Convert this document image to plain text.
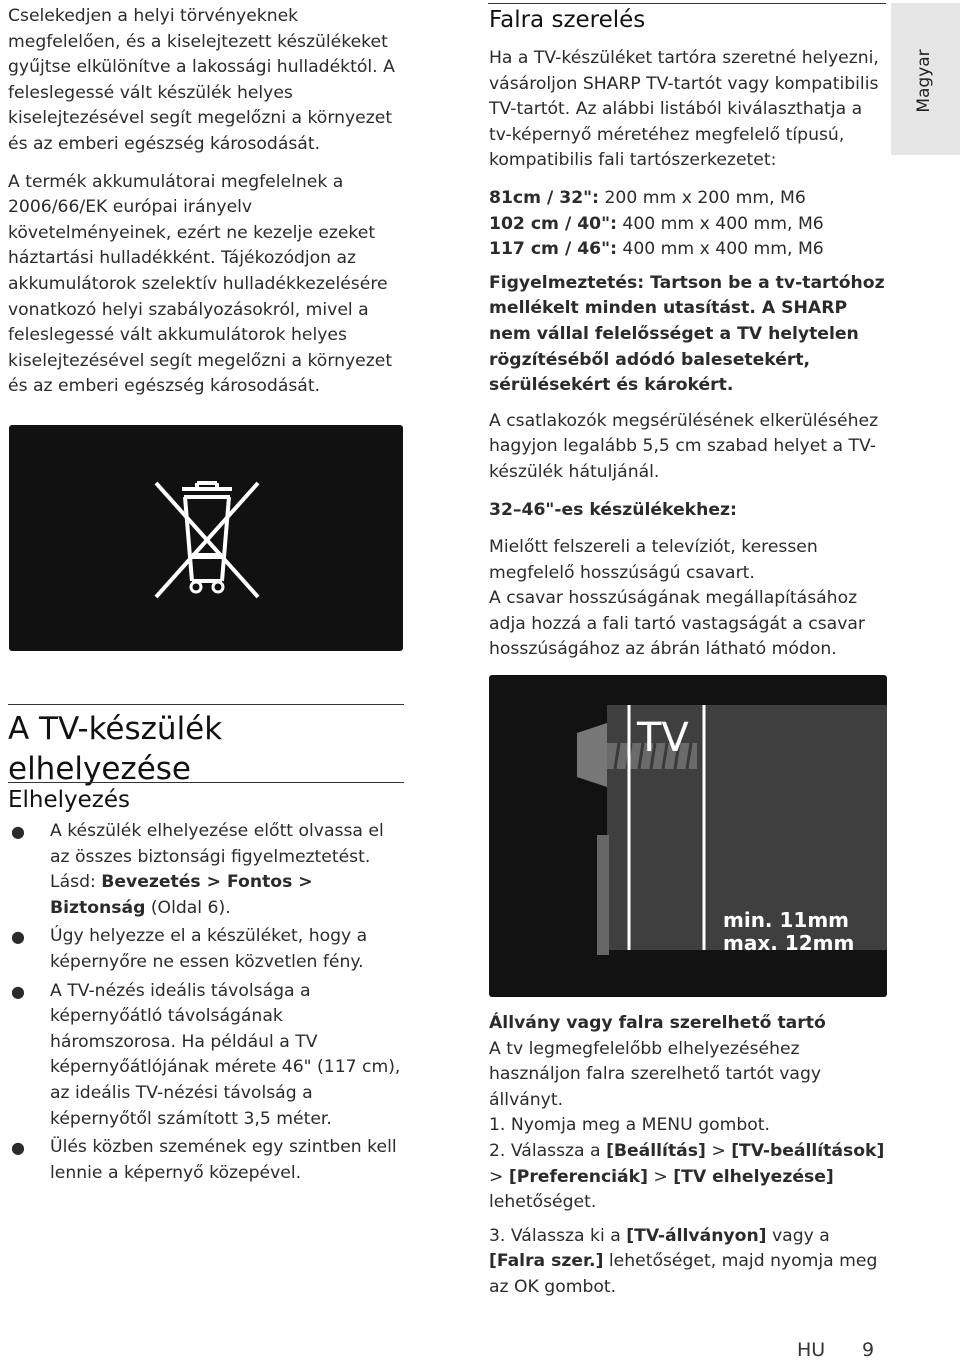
Cselekedjen a helyi törvényeknek megfelelően, és a kiselejtezett készülékeket gyűjtse elkülönítve a lakossági hulladéktól. A feleslegessé vált készülék helyes kiselejtezésével segít megelőzni a környezet és az emberi egészség károsodását.

A termék akkumulátorai megfelelnek a 2006/66/EK európai irányelv követelményeinek, ezért ne kezelje ezeket háztartási hulladékként. Tájékozódjon az akkumulátorok szelektív hulladékkezelésére vonatkozó helyi szabályozásokról, mivel a feleslegessé vált akkumulátorok helyes kiselejtezésével segít megelőzni a környezet és az emberi egészség károsodását.

A TV-készülék elhelyezése
Elhelyezés
● A készülék elhelyezése előtt olvassa el az összes biztonsági figyelmeztetést. Lásd: Bevezetés > Fontos > Biztonság (Oldal 6).
● Úgy helyezze el a készüléket, hogy a képernyőre ne essen közvetlen fény.
● A TV-nézés ideális távolsága a képernyőátló távolságának háromszorosa. Ha például a TV képernyőátlójának mérete 46" (117 cm), az ideális TV-nézési távolság a képernyőtől számított 3,5 méter.
● Ülés közben szemének egy szintben kell lennie a képernyő közepével.
Falra szerelés

Ha a TV-készüléket tartóra szeretné helyezni, vásároljon SHARP TV-tartót vagy kompatibilis TV-tartót. Az alábbi listából kiválaszthatja a tv-képernyő méretéhez megfelelő típusú, kompatibilis fali tartószerkezetet:

81cm / 32": 200 mm x 200 mm, M6
102 cm / 40": 400 mm x 400 mm, M6
117 cm / 46": 400 mm x 400 mm, M6

Figyelmeztetés: Tartson be a tv-tartóhoz mellékelt minden utasítást. A SHARP nem vállal felelősséget a TV helytelen rögzítéséből adódó balesetekért, sérülésekért és károkért.

A csatlakozók megsérülésének elkerüléséhez hagyjon legalább 5,5 cm szabad helyet a TV-készülék hátuljánál.

32–46"-es készülékekhez:

Mielőtt felszereli a televíziót, keressen megfelelő hosszúságú csavart.

A csavar hosszúságának megállapításához adja hozzá a fali tartó vastagságát a csavar hosszúságához az ábrán látható módon.

TV
min. 11mm
max. 12mm

Állvány vagy falra szerelhető tartó

A tv legmegfelelőbb elhelyezéséhez használjon falra szerelhető tartót vagy állványt.

1. Nyomja meg a MENU gombot.

2. Válassza a [Beállítás] > [TV-beállítások] > [Preferenciák] > [TV elhelyezése] lehetőséget.

3. Válassza ki a [TV-állványon] vagy a [Falra szer.] lehetőséget, majd nyomja meg az OK gombot.

Magyar
HU 9
